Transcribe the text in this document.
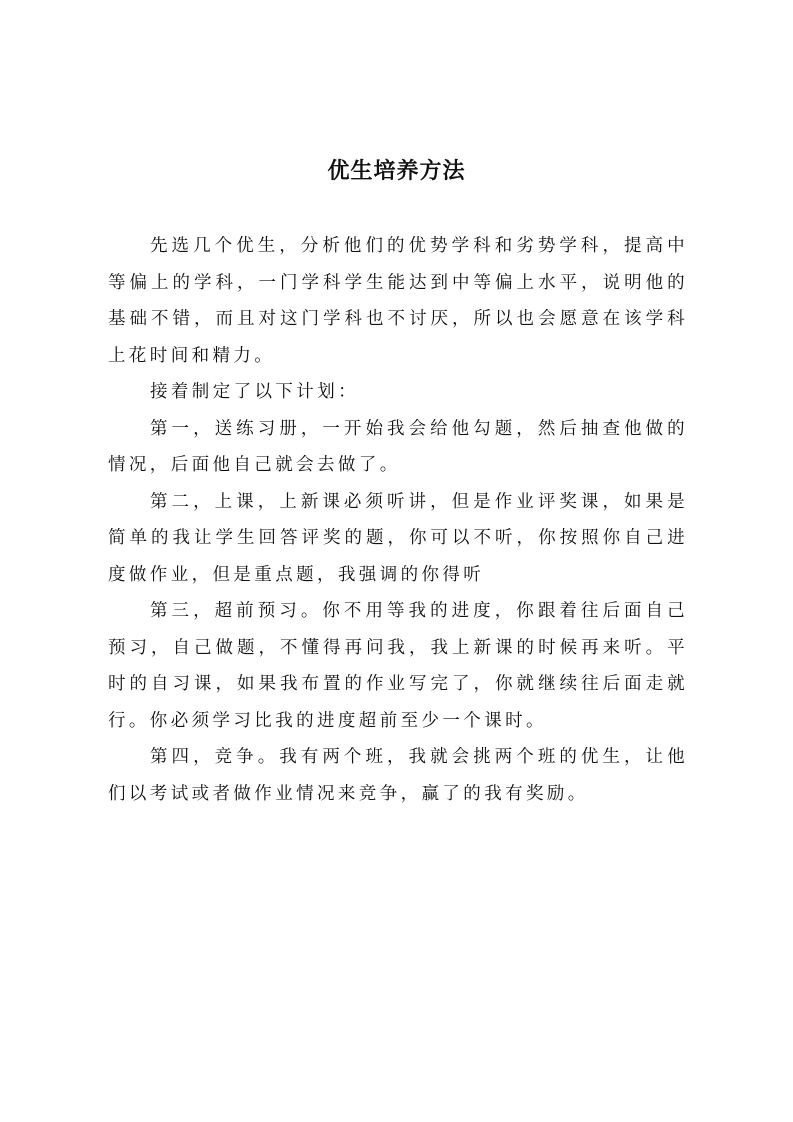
优生培养方法

先选几个优生，分析他们的优势学科和劣势学科，提高中等偏上的学科，一门学科学生能达到中等偏上水平，说明他的基础不错，而且对这门学科也不讨厌，所以也会愿意在该学科上花时间和精力。

接着制定了以下计划：

第一，送练习册，一开始我会给他勾题，然后抽查他做的情况，后面他自己就会去做了。

第二，上课，上新课必须听讲，但是作业评奖课，如果是简单的我让学生回答评奖的题，你可以不听，你按照你自己进度做作业，但是重点题，我强调的你得听

第三，超前预习。你不用等我的进度，你跟着往后面自己预习，自己做题，不懂得再问我，我上新课的时候再来听。平时的自习课，如果我布置的作业写完了，你就继续往后面走就行。你必须学习比我的进度超前至少一个课时。

第四，竞争。我有两个班，我就会挑两个班的优生，让他们以考试或者做作业情况来竞争，赢了的我有奖励。
